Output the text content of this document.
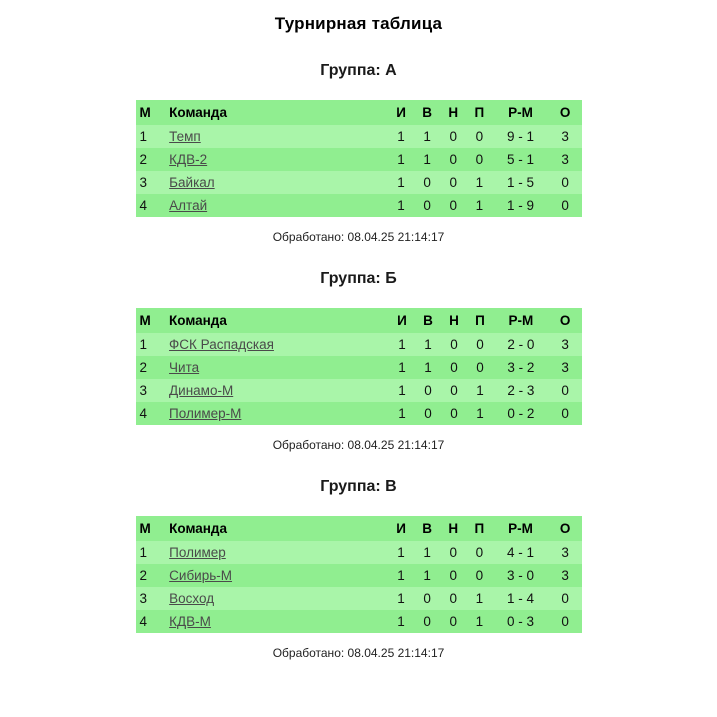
Турнирная таблица
Группа: А
М	Команда	И	В	Н	П	Р-М	О
1	Темп	1	1	0	0	9 - 1	3
2	КДВ-2	1	1	0	0	5 - 1	3
3	Байкал	1	0	0	1	1 - 5	0
4	Алтай	1	0	0	1	1 - 9	0
Обработано: 08.04.25 21:14:17
Группа: Б
М	Команда	И	В	Н	П	Р-М	О
1	ФСК Распадская	1	1	0	0	2 - 0	3
2	Чита	1	1	0	0	3 - 2	3
3	Динамо-М	1	0	0	1	2 - 3	0
4	Полимер-М	1	0	0	1	0 - 2	0
Обработано: 08.04.25 21:14:17
Группа: В
М	Команда	И	В	Н	П	Р-М	О
1	Полимер	1	1	0	0	4 - 1	3
2	Сибирь-М	1	1	0	0	3 - 0	3
3	Восход	1	0	0	1	1 - 4	0
4	КДВ-М	1	0	0	1	0 - 3	0
Обработано: 08.04.25 21:14:17
